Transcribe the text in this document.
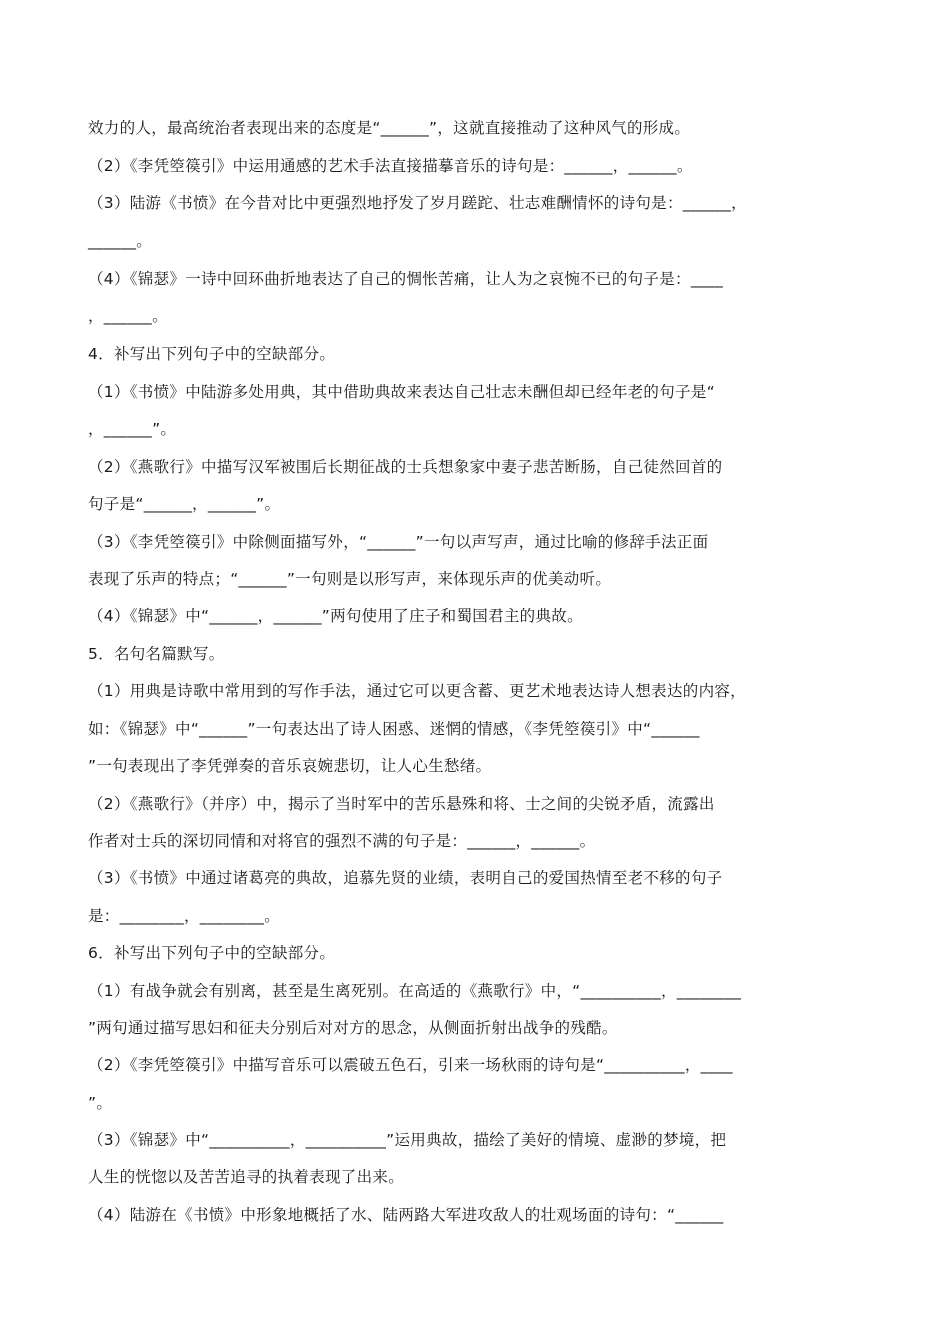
效力的人，最高统治者表现出来的态度是“______”，这就直接推动了这种风气的形成。
（2）《李凭箜篌引》中运用通感的艺术手法直接描摹音乐的诗句是：______，______。
（3）陆游《书愤》在今昔对比中更强烈地抒发了岁月蹉跎、壮志难酬情怀的诗句是：______，
______。
（4）《锦瑟》一诗中回环曲折地表达了自己的惆怅苦痛，让人为之哀惋不已的句子是：____
，______。
4．补写出下列句子中的空缺部分。
（1）《书愤》中陆游多处用典，其中借助典故来表达自己壮志未酬但却已经年老的句子是“
，______”。
（2）《燕歌行》中描写汉军被围后长期征战的士兵想象家中妻子悲苦断肠，自己徒然回首的
句子是“______，______”。
（3）《李凭箜篌引》中除侧面描写外，“______”一句以声写声，通过比喻的修辞手法正面
表现了乐声的特点；“______”一句则是以形写声，来体现乐声的优美动听。
（4）《锦瑟》中“______，______”两句使用了庄子和蜀国君主的典故。
5．名句名篇默写。
（1）用典是诗歌中常用到的写作手法，通过它可以更含蓄、更艺术地表达诗人想表达的内容，
如：《锦瑟》中“______”一句表达出了诗人困惑、迷惘的情感，《李凭箜篌引》中“______
”一句表现出了李凭弹奏的音乐哀婉悲切，让人心生愁绪。
（2）《燕歌行》（并序）中，揭示了当时军中的苦乐悬殊和将、士之间的尖锐矛盾，流露出
作者对士兵的深切同情和对将官的强烈不满的句子是：______，______。
（3）《书愤》中通过诸葛亮的典故，追慕先贤的业绩，表明自己的爱国热情至老不移的句子
是：________，________。
6．补写出下列句子中的空缺部分。
（1）有战争就会有别离，甚至是生离死别。在高适的《燕歌行》中，“__________，________
”两句通过描写思妇和征夫分别后对对方的思念，从侧面折射出战争的残酷。
（2）《李凭箜篌引》中描写音乐可以震破五色石，引来一场秋雨的诗句是“__________，____
”。
（3）《锦瑟》中“__________，__________”运用典故，描绘了美好的情境、虚渺的梦境，把
人生的恍惚以及苦苦追寻的执着表现了出来。
（4）陆游在《书愤》中形象地概括了水、陆两路大军进攻敌人的壮观场面的诗句：“______
